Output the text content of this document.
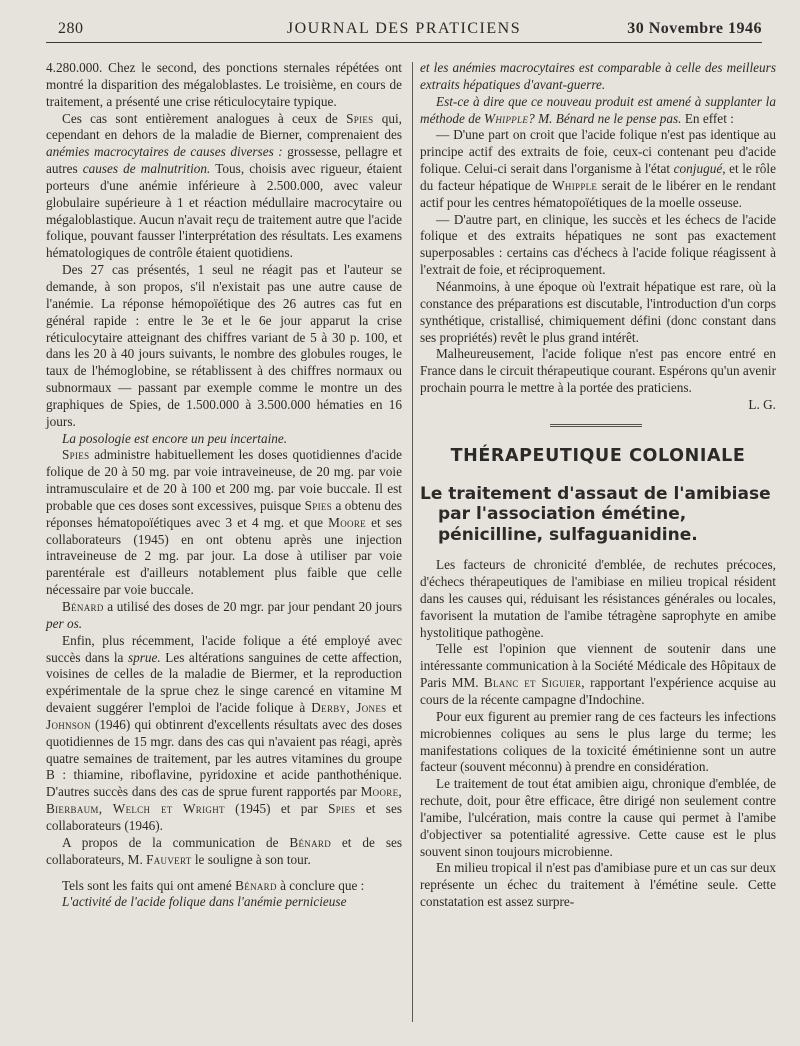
280	JOURNAL DES PRATICIENS	30 Novembre 1946

4.280.000. Chez le second, des ponctions sternales répétées ont montré la disparition des mégaloblastes. Le troisième, en cours de traitement, a présenté une crise réticulocytaire typique.

Ces cas sont entièrement analogues à ceux de Spies qui, cependant en dehors de la maladie de Bierner, comprenaient des anémies macrocytaires de causes diverses : grossesse, pellagre et autres causes de malnutrition. Tous, choisis avec rigueur, étaient porteurs d'une anémie inférieure à 2.500.000, avec valeur globulaire supérieure à 1 et réaction médullaire macrocytaire ou mégaloblastique. Aucun n'avait reçu de traitement autre que l'acide folique, pouvant fausser l'interprétation des résultats. Les examens hématologiques de contrôle étaient quotidiens.

Des 27 cas présentés, 1 seul ne réagit pas et l'auteur se demande, à son propos, s'il n'existait pas une autre cause de l'anémie. La réponse hémopoïétique des 26 autres cas fut en général rapide : entre le 3e et le 6e jour apparut la crise réticulocytaire atteignant des chiffres variant de 5 à 30 p. 100, et dans les 20 à 40 jours suivants, le nombre des globules rouges, le taux de l'hémoglobine, se rétablissent à des chiffres normaux ou subnormaux — passant par exemple comme le montre un des graphiques de Spies, de 1.500.000 à 3.500.000 hématies en 16 jours.

La posologie est encore un peu incertaine.

Spies administre habituellement les doses quotidiennes d'acide folique de 20 à 50 mg. par voie intraveineuse, de 20 mg. par voie intramusculaire et de 20 à 100 et 200 mg. par voie buccale. Il est probable que ces doses sont excessives, puisque Spies a obtenu des réponses hématopoïétiques avec 3 et 4 mg. et que Moore et ses collaborateurs (1945) en ont obtenu après une injection intraveineuse de 2 mg. par jour. La dose à utiliser par voie parentérale est d'ailleurs notablement plus faible que celle nécessaire par voie buccale.

Bénard a utilisé des doses de 20 mgr. par jour pendant 20 jours per os.

Enfin, plus récemment, l'acide folique a été employé avec succès dans la sprue. Les altérations sanguines de cette affection, voisines de celles de la maladie de Biermer, et la reproduction expérimentale de la sprue chez le singe carencé en vitamine M devaient suggérer l'emploi de l'acide folique à Derby, Jones et Johnson (1946) qui obtinrent d'excellents résultats avec des doses quotidiennes de 15 mgr. dans des cas qui n'avaient pas réagi, après quatre semaines de traitement, par les autres vitamines du groupe B : thiamine, riboflavine, pyridoxine et acide panthothénique. D'autres succès dans des cas de sprue furent rapportés par Moore, Bierbaum, Welch et Wright (1945) et par Spies et ses collaborateurs (1946).

A propos de la communication de Bénard et de ses collaborateurs, M. Fauvert le souligne à son tour.

Tels sont les faits qui ont amené Bénard à conclure que :

L'activité de l'acide folique dans l'anémie pernicieuse

et les anémies macrocytaires est comparable à celle des meilleurs extraits hépatiques d'avant-guerre.

Est-ce à dire que ce nouveau produit est amené à supplanter la méthode de Whipple? M. Bénard ne le pense pas. En effet :

— D'une part on croit que l'acide folique n'est pas identique au principe actif des extraits de foie, ceux-ci contenant peu d'acide folique. Celui-ci serait dans l'organisme à l'état conjugué, et le rôle du facteur hépatique de Whipple serait de le libérer en le rendant actif pour les centres hématopoïétiques de la moelle osseuse.

— D'autre part, en clinique, les succès et les échecs de l'acide folique et des extraits hépatiques ne sont pas exactement superposables : certains cas d'échecs à l'acide folique réagissent à l'extrait de foie, et réciproquement.

Néanmoins, à une époque où l'extrait hépatique est rare, où la constance des préparations est discutable, l'introduction d'un corps synthétique, cristallisé, chimiquement défini (donc constant dans ses propriétés) revêt le plus grand intérêt.

Malheureusement, l'acide folique n'est pas encore entré en France dans le circuit thérapeutique courant. Espérons qu'un avenir prochain pourra le mettre à la portée des praticiens.

L. G.

THÉRAPEUTIQUE COLONIALE
Le traitement d'assaut de l'amibiase par l'association émétine, pénicilline, sulfaguanidine.

Les facteurs de chronicité d'emblée, de rechutes précoces, d'échecs thérapeutiques de l'amibiase en milieu tropical résident dans les causes qui, réduisant les résistances générales ou locales, favorisent la mutation de l'amibe tétragène saprophyte en amibe hystolitique pathogène.

Telle est l'opinion que viennent de soutenir dans une intéressante communication à la Société Médicale des Hôpitaux de Paris MM. Blanc et Siguier, rapportant l'expérience acquise au cours de la récente campagne d'Indochine.

Pour eux figurent au premier rang de ces facteurs les infections microbiennes coliques au sens le plus large du terme; les manifestations coliques de la toxicité émétinienne sont un autre facteur (souvent méconnu) à prendre en considération.

Le traitement de tout état amibien aigu, chronique d'emblée, de rechute, doit, pour être efficace, être dirigé non seulement contre l'amibe, l'ulcération, mais contre la cause qui permet à l'amibe d'objectiver sa potentialité agressive. Cette cause est le plus souvent sinon toujours microbienne.

En milieu tropical il n'est pas d'amibiase pure et un cas sur deux représente un échec du traitement à l'émétine seule. Cette constatation est assez surpre-
